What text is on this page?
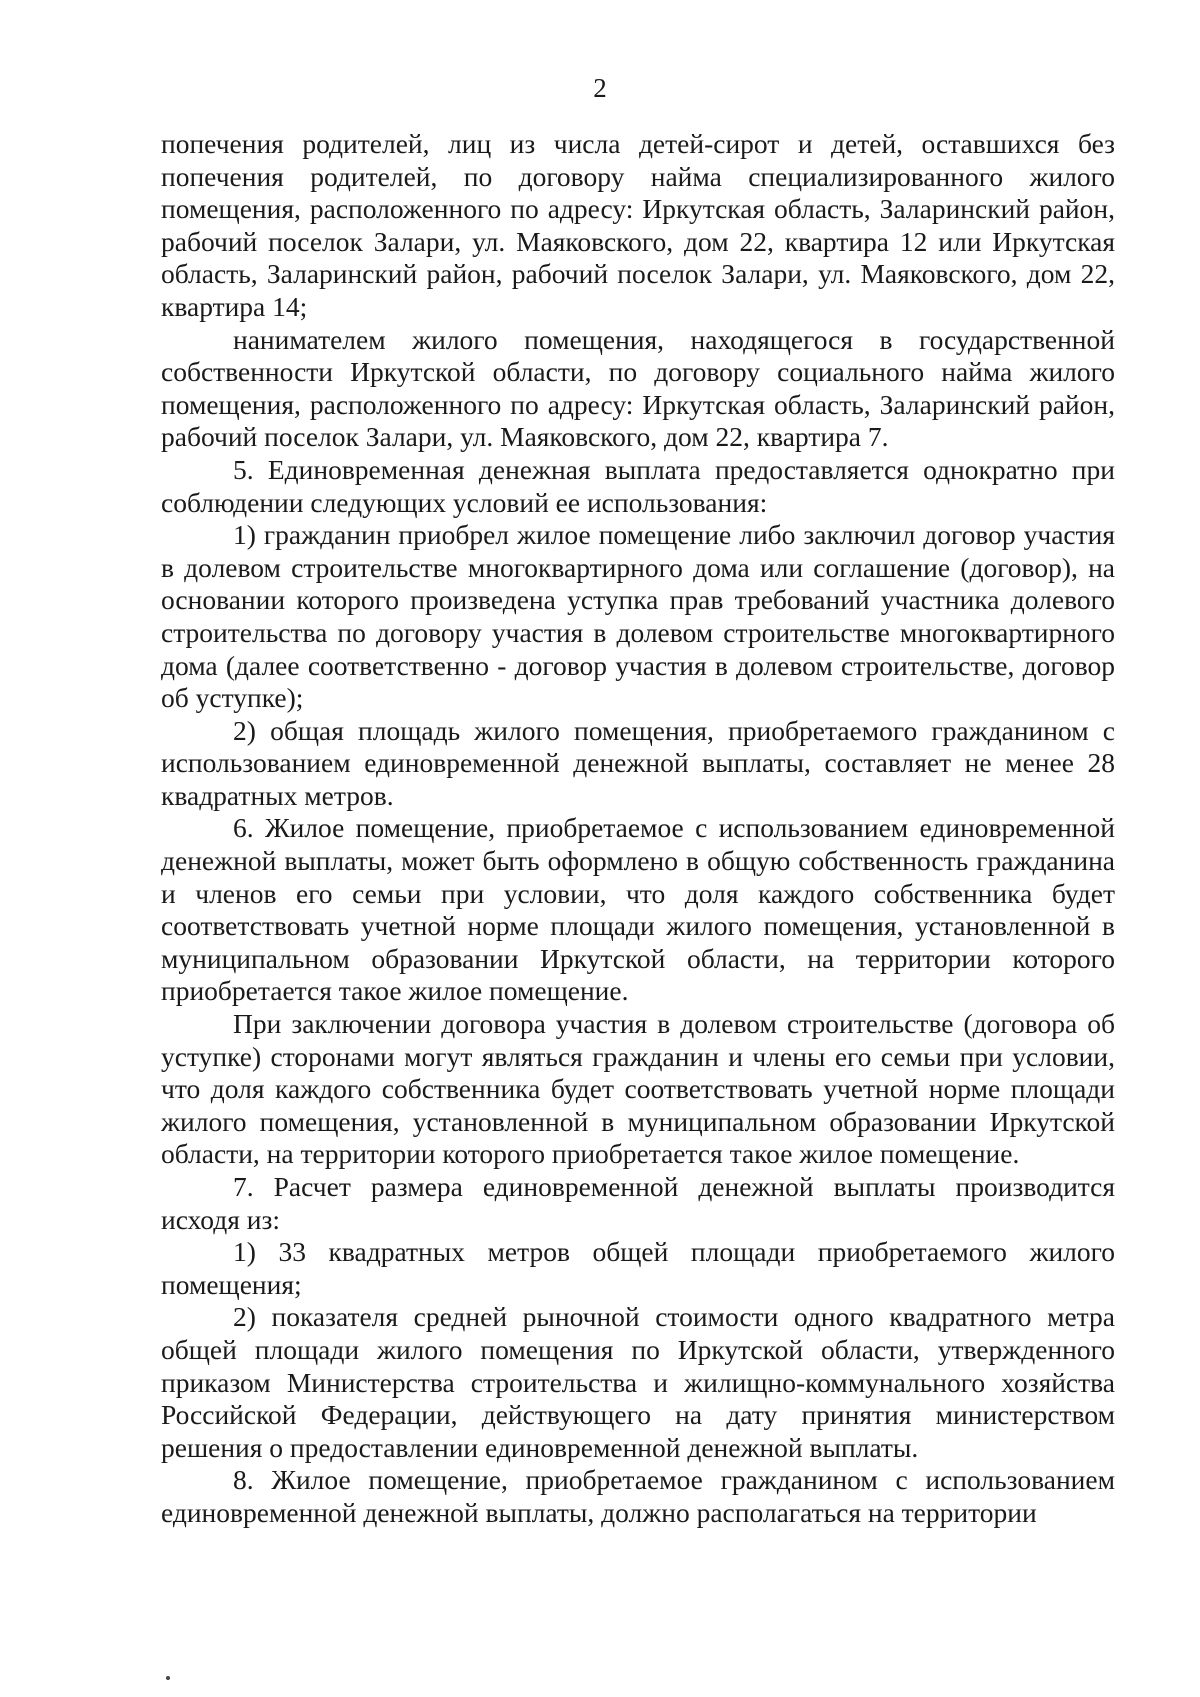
2

попечения родителей, лиц из числа детей-сирот и детей, оставшихся без попечения родителей, по договору найма специализированного жилого помещения, расположенного по адресу: Иркутская область, Заларинский район, рабочий поселок Залари, ул. Маяковского, дом 22, квартира 12 или Иркутская область, Заларинский район, рабочий поселок Залари, ул. Маяковского, дом 22, квартира 14;

нанимателем жилого помещения, находящегося в государственной собственности Иркутской области, по договору социального найма жилого помещения, расположенного по адресу: Иркутская область, Заларинский район, рабочий поселок Залари, ул. Маяковского, дом 22, квартира 7.

5. Единовременная денежная выплата предоставляется однократно при соблюдении следующих условий ее использования:

1) гражданин приобрел жилое помещение либо заключил договор участия в долевом строительстве многоквартирного дома или соглашение (договор), на основании которого произведена уступка прав требований участника долевого строительства по договору участия в долевом строительстве многоквартирного дома (далее соответственно - договор участия в долевом строительстве, договор об уступке);

2) общая площадь жилого помещения, приобретаемого гражданином с использованием единовременной денежной выплаты, составляет не менее 28 квадратных метров.

6. Жилое помещение, приобретаемое с использованием единовременной денежной выплаты, может быть оформлено в общую собственность гражданина и членов его семьи при условии, что доля каждого собственника будет соответствовать учетной норме площади жилого помещения, установленной в муниципальном образовании Иркутской области, на территории которого приобретается такое жилое помещение.

При заключении договора участия в долевом строительстве (договора об уступке) сторонами могут являться гражданин и члены его семьи при условии, что доля каждого собственника будет соответствовать учетной норме площади жилого помещения, установленной в муниципальном образовании Иркутской области, на территории которого приобретается такое жилое помещение.

7. Расчет размера единовременной денежной выплаты производится исходя из:

1) 33 квадратных метров общей площади приобретаемого жилого помещения;

2) показателя средней рыночной стоимости одного квадратного метра общей площади жилого помещения по Иркутской области, утвержденного приказом Министерства строительства и жилищно-коммунального хозяйства Российской Федерации, действующего на дату принятия министерством решения о предоставлении единовременной денежной выплаты.

8. Жилое помещение, приобретаемое гражданином с использованием единовременной денежной выплаты, должно располагаться на территории
